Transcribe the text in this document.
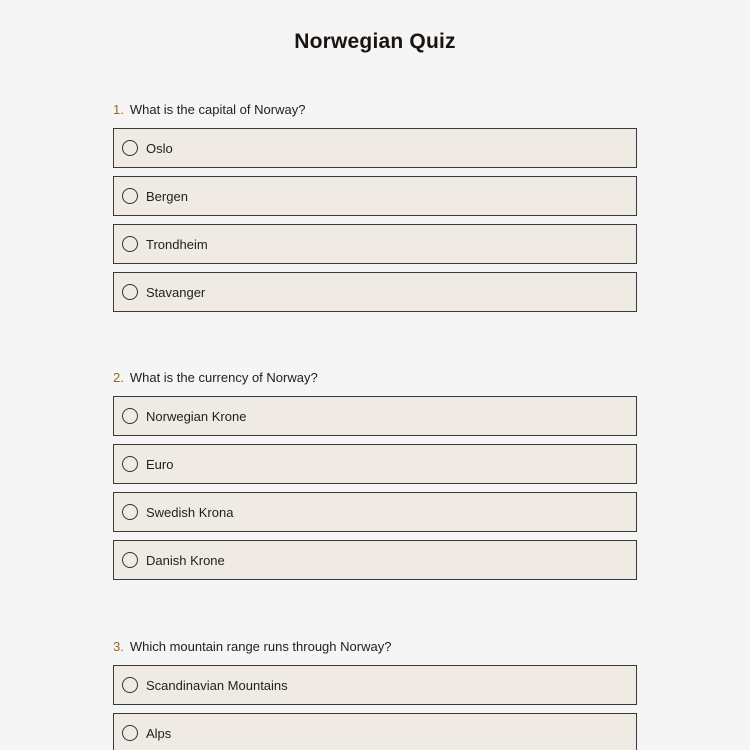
Norwegian Quiz
1. What is the capital of Norway?
Oslo
Bergen
Trondheim
Stavanger
2. What is the currency of Norway?
Norwegian Krone
Euro
Swedish Krona
Danish Krone
3. Which mountain range runs through Norway?
Scandinavian Mountains
Alps
